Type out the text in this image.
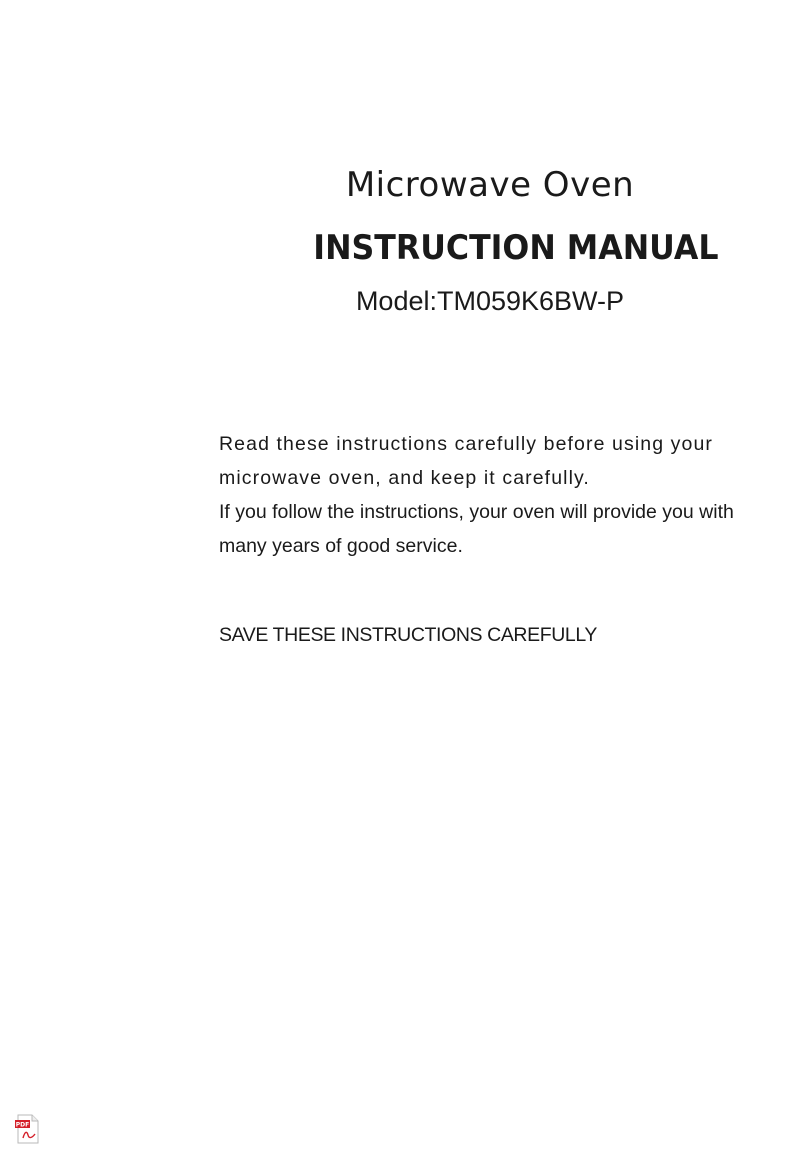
Microwave Oven
INSTRUCTION MANUAL

Model:TM059K6BW-P

Read these instructions carefully before using your
microwave oven, and keep it carefully.
If you follow the instructions, your oven will provide you with
many years of good service.

SAVE THESE INSTRUCTIONS CAREFULLY

PDF
